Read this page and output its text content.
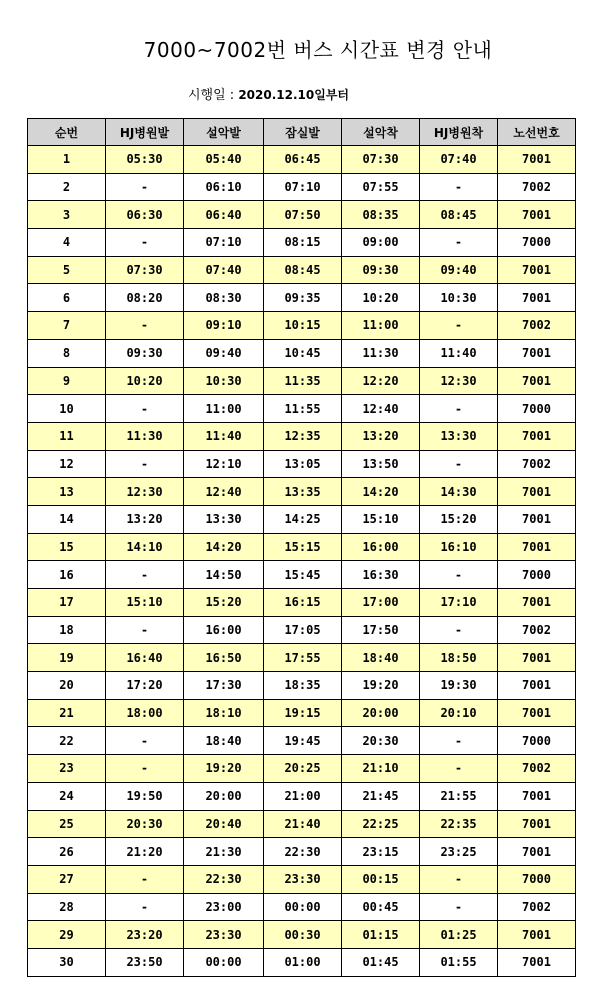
7000~7002번 버스 시간표 변경 안내
시행일 : 2020.12.10일부터
순번	HJ병원발	설악발	잠실발	설악착	HJ병원착	노선번호
1	05:30	05:40	06:45	07:30	07:40	7001
2	-	06:10	07:10	07:55	-	7002
3	06:30	06:40	07:50	08:35	08:45	7001
4	-	07:10	08:15	09:00	-	7000
5	07:30	07:40	08:45	09:30	09:40	7001
6	08:20	08:30	09:35	10:20	10:30	7001
7	-	09:10	10:15	11:00	-	7002
8	09:30	09:40	10:45	11:30	11:40	7001
9	10:20	10:30	11:35	12:20	12:30	7001
10	-	11:00	11:55	12:40	-	7000
11	11:30	11:40	12:35	13:20	13:30	7001
12	-	12:10	13:05	13:50	-	7002
13	12:30	12:40	13:35	14:20	14:30	7001
14	13:20	13:30	14:25	15:10	15:20	7001
15	14:10	14:20	15:15	16:00	16:10	7001
16	-	14:50	15:45	16:30	-	7000
17	15:10	15:20	16:15	17:00	17:10	7001
18	-	16:00	17:05	17:50	-	7002
19	16:40	16:50	17:55	18:40	18:50	7001
20	17:20	17:30	18:35	19:20	19:30	7001
21	18:00	18:10	19:15	20:00	20:10	7001
22	-	18:40	19:45	20:30	-	7000
23	-	19:20	20:25	21:10	-	7002
24	19:50	20:00	21:00	21:45	21:55	7001
25	20:30	20:40	21:40	22:25	22:35	7001
26	21:20	21:30	22:30	23:15	23:25	7001
27	-	22:30	23:30	00:15	-	7000
28	-	23:00	00:00	00:45	-	7002
29	23:20	23:30	00:30	01:15	01:25	7001
30	23:50	00:00	01:00	01:45	01:55	7001
